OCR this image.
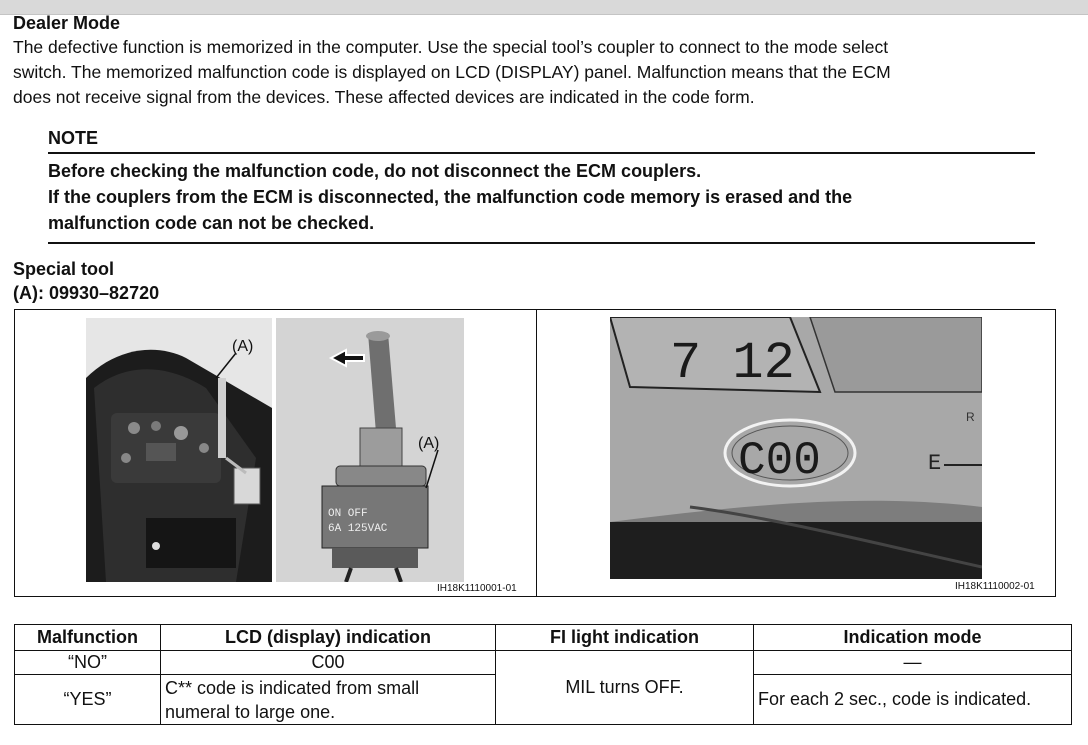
Dealer Mode
The defective function is memorized in the computer. Use the special tool’s coupler to connect to the mode select
switch. The memorized malfunction code is displayed on LCD (DISPLAY) panel. Malfunction means that the ECM
does not receive signal from the devices. These affected devices are indicated in the code form.
NOTE
Before checking the malfunction code, do not disconnect the ECM couplers.
If the couplers from the ECM is disconnected, the malfunction code memory is erased and the
malfunction code can not be checked.
Special tool
(A): 09930–82720
(A)
ON OFF
6A 125VAC
(A)
IH18K1110001-01
7 12
C00	E
R
IH18K1110002-01
Malfunction	LCD (display) indication	FI light indication	Indication mode
“NO”	C00	MIL turns OFF.	—
“YES”	C** code is indicated from small
numeral to large one.		For each 2 sec., code is indicated.
